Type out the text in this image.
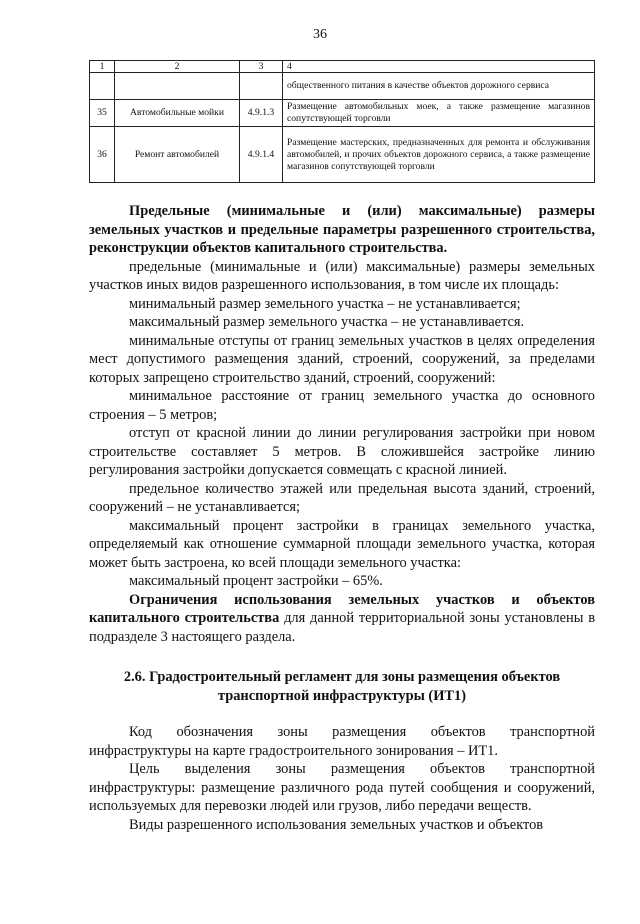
36
1	2	3	4
			общественного питания в качестве объектов дорожного сервиса
35	Автомобильные мойки	4.9.1.3	Размещение автомобильных моек, а также размещение магазинов сопутствующей торговли
36	Ремонт автомобилей	4.9.1.4	Размещение мастерских, предназначенных для ремонта и обслуживания автомобилей, и прочих объектов дорожного сервиса, а также размещение магазинов сопутствующей торговли

Предельные (минимальные и (или) максимальные) размеры земельных участков и предельные параметры разрешенного строительства, реконструкции объектов капитального строительства.

предельные (минимальные и (или) максимальные) размеры земельных участков иных видов разрешенного использования, в том числе их площадь:

минимальный размер земельного участка – не устанавливается;

максимальный размер земельного участка – не устанавливается.

минимальные отступы от границ земельных участков в целях определения мест допустимого размещения зданий, строений, сооружений, за пределами которых запрещено строительство зданий, строений, сооружений:

минимальное расстояние от границ земельного участка до основного строения – 5 метров;

отступ от красной линии до линии регулирования застройки при новом строительстве составляет 5 метров. В сложившейся застройке линию регулирования застройки допускается совмещать с красной линией.

предельное количество этажей или предельная высота зданий, строений, сооружений – не устанавливается;

максимальный процент застройки в границах земельного участка, определяемый как отношение суммарной площади земельного участка, которая может быть застроена, ко всей площади земельного участка:

максимальный процент застройки – 65%.

Ограничения использования земельных участков и объектов капитального строительства для данной территориальной зоны установлены в подразделе 3 настоящего раздела.

2.6. Градостроительный регламент для зоны размещения объектов транспортной инфраструктуры (ИТ1)

Код обозначения зоны размещения объектов транспортной инфраструктуры на карте градостроительного зонирования – ИТ1.

Цель выделения зоны размещения объектов транспортной инфраструктуры: размещение различного рода путей сообщения и сооружений, используемых для перевозки людей или грузов, либо передачи веществ.

Виды разрешенного использования земельных участков и объектов
